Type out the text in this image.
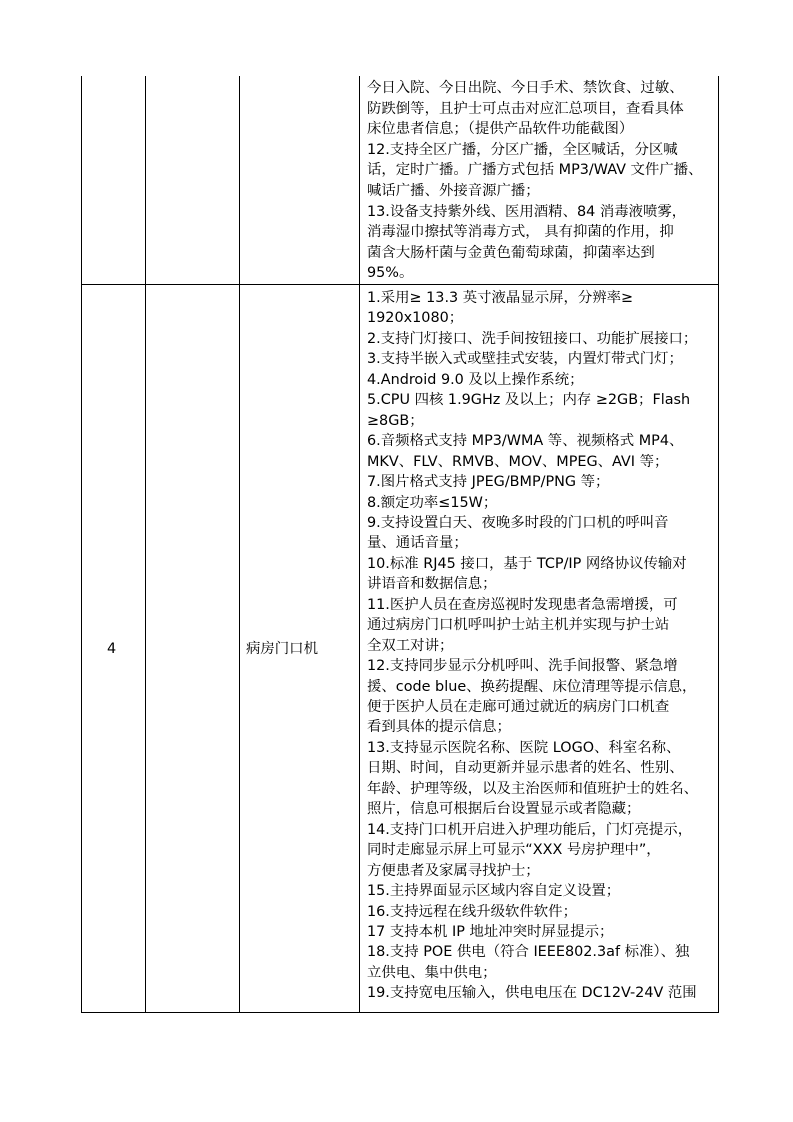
今日入院、今日出院、今日手术、禁饮食、过敏、
防跌倒等，且护士可点击对应汇总项目，查看具体
床位患者信息；（提供产品软件功能截图）
12.支持全区广播，分区广播，全区喊话，分区喊
话，定时广播。广播方式包括 MP3/WAV 文件广播、
喊话广播、外接音源广播；
13.设备支持紫外线、医用酒精、84 消毒液喷雾，
消毒湿巾擦拭等消毒方式， 具有抑菌的作用，抑
菌含大肠杆菌与金黄色葡萄球菌，抑菌率达到
95%。
4	病房门口机
1.采用≥ 13.3 英寸液晶显示屏，分辨率≥
1920x1080；
2.支持门灯接口、洗手间按钮接口、功能扩展接口；
3.支持半嵌入式或壁挂式安装，内置灯带式门灯；
4.Android 9.0 及以上操作系统；
5.CPU 四核 1.9GHz 及以上；内存 ≥2GB；Flash
≥8GB；
6.音频格式支持 MP3/WMA 等、视频格式 MP4、
MKV、FLV、RMVB、MOV、MPEG、AVI 等；
7.图片格式支持 JPEG/BMP/PNG 等；
8.额定功率≤15W；
9.支持设置白天、夜晚多时段的门口机的呼叫音
量、通话音量；
10.标准 RJ45 接口，基于 TCP/IP 网络协议传输对
讲语音和数据信息；
11.医护人员在查房巡视时发现患者急需增援，可
通过病房门口机呼叫护士站主机并实现与护士站
全双工对讲；
12.支持同步显示分机呼叫、洗手间报警、紧急增
援、code blue、换药提醒、床位清理等提示信息，
便于医护人员在走廊可通过就近的病房门口机查
看到具体的提示信息；
13.支持显示医院名称、医院 LOGO、科室名称、
日期、时间，自动更新并显示患者的姓名、性别、
年龄、护理等级，以及主治医师和值班护士的姓名、
照片，信息可根据后台设置显示或者隐藏；
14.支持门口机开启进入护理功能后，门灯亮提示，
同时走廊显示屏上可显示“XXX 号房护理中”，
方便患者及家属寻找护士；
15.主持界面显示区域内容自定义设置；
16.支持远程在线升级软件软件；
17 支持本机 IP 地址冲突时屏显提示；
18.支持 POE 供电（符合 IEEE802.3af 标准）、独
立供电、集中供电；
19.支持宽电压输入，供电电压在 DC12V-24V 范围
